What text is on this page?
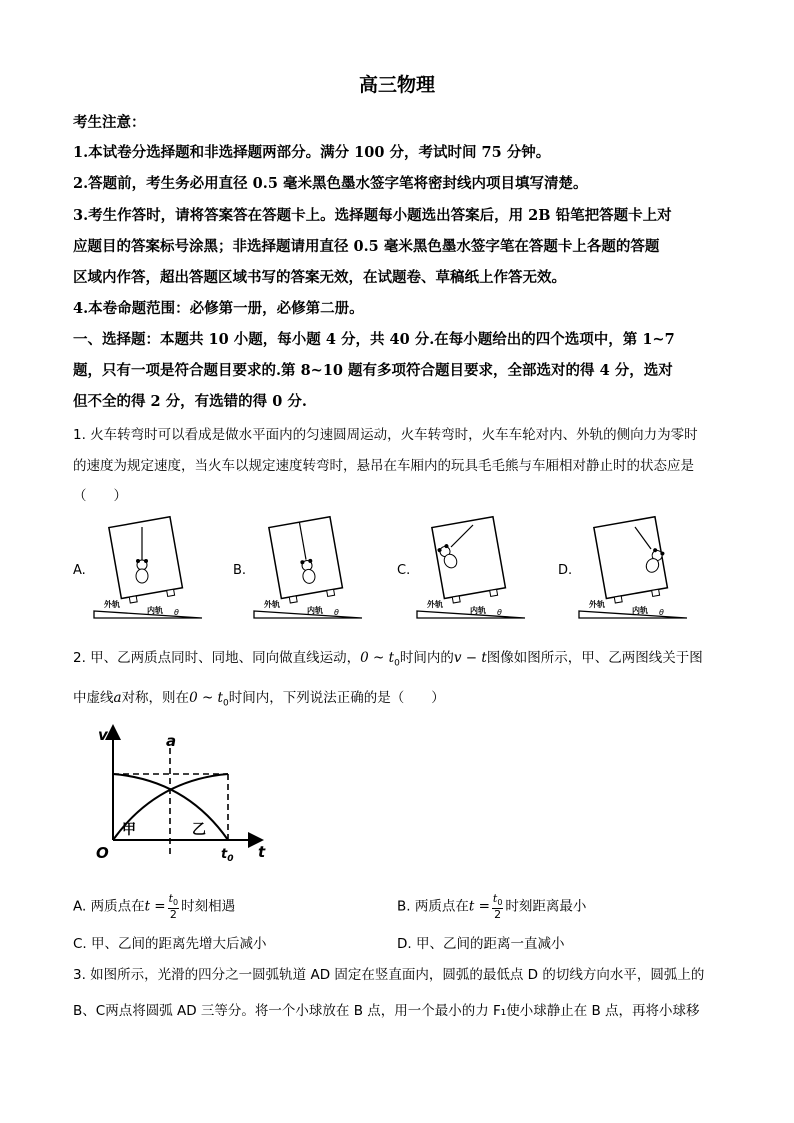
高三物理
考生注意：
1.本试卷分选择题和非选择题两部分。满分 100 分，考试时间 75 分钟。
2.答题前，考生务必用直径 0.5 毫米黑色墨水签字笔将密封线内项目填写清楚。
3.考生作答时，请将答案答在答题卡上。选择题每小题选出答案后，用 2B 铅笔把答题卡上对
应题目的答案标号涂黑；非选择题请用直径 0.5 毫米黑色墨水签字笔在答题卡上各题的答题
区域内作答，超出答题区域书写的答案无效，在试题卷、草稿纸上作答无效。
4.本卷命题范围：必修第一册，必修第二册。
一、选择题：本题共 10 小题，每小题 4 分，共 40 分.在每小题给出的四个选项中，第 1~7
题，只有一项是符合题目要求的.第 8~10 题有多项符合题目要求，全部选对的得 4 分，选对
但不全的得 2 分，有选错的得 0 分.
1. 火车转弯时可以看成是做水平面内的匀速圆周运动，火车转弯时，火车车轮对内、外轨的侧向力为零时
的速度为规定速度，当火车以规定速度转弯时，悬吊在车厢内的玩具毛毛熊与车厢相对静止时的状态应是
（　　）
A.	B.	C.	D.
外轨
内轨 θ
外轨
内轨 θ
外轨
内轨 θ
外轨
内轨 θ
2. 甲、乙两质点同时、同地、同向做直线运动，0 ~ $t_0$时间内的v − t图像如图所示，甲、乙两图线关于图
中虚线a对称，则在0 ~ $t_0$时间内，下列说法正确的是（　　）
v	a
O	t
$t_0$
甲	乙
A. 两质点在$t = \frac{t_0}{2}$ 时刻相遇	B. 两质点在$t = \frac{t_0}{2}$ 时刻距离最小
C. 甲、乙间的距离先增大后减小	D. 甲、乙间的距离一直减小
3. 如图所示，光滑的四分之一圆弧轨道 AD 固定在竖直面内，圆弧的最低点 D 的切线方向水平，圆弧上的
B、C两点将圆弧 AD 三等分。将一个小球放在 B 点，用一个最小的力 F₁使小球静止在 B 点，再将小球移
